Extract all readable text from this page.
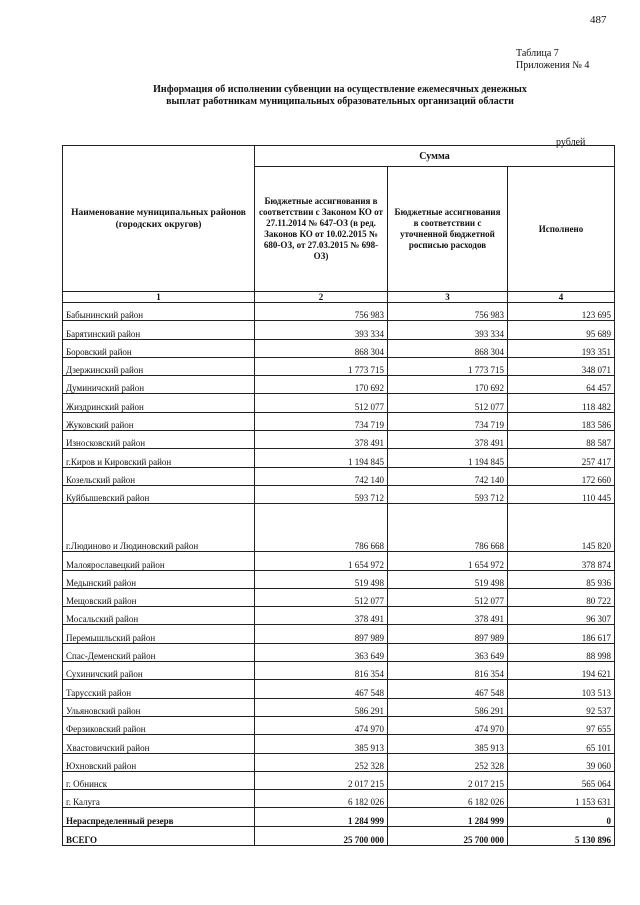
487
Таблица 7
Приложения № 4
Информация об исполнении субвенции на осуществление ежемесячных денежных выплат работникам муниципальных образовательных организаций области
рублей
Наименование муниципальных районов (городских округов)	Сумма		
	Бюджетные ассигнования в соответствии с Законом КО от 27.11.2014 № 647-ОЗ (в ред. Законов КО от 10.02.2015 № 680-ОЗ, от 27.03.2015 № 698-ОЗ)	Бюджетные ассигнования в соответствии с уточненной бюджетной росписью расходов	Исполнено
1	2	3	4
Бабынинский район	756 983	756 983	123 695
Барятинский район	393 334	393 334	95 689
Боровский район	868 304	868 304	193 351
Дзержинский район	1 773 715	1 773 715	348 071
Думиничский район	170 692	170 692	64 457
Жиздринский район	512 077	512 077	118 482
Жуковский район	734 719	734 719	183 586
Износковский район	378 491	378 491	88 587
г.Киров и Кировский район	1 194 845	1 194 845	257 417
Козельский район	742 140	742 140	172 660
Куйбышевский район	593 712	593 712	110 445
г.Людиново и Людиновский район	786 668	786 668	145 820
Малоярославецкий район	1 654 972	1 654 972	378 874
Медынский район	519 498	519 498	85 936
Мещовский район	512 077	512 077	80 722
Мосальский район	378 491	378 491	96 307
Перемышльский район	897 989	897 989	186 617
Спас-Деменский район	363 649	363 649	88 998
Сухиничский район	816 354	816 354	194 621
Тарусский район	467 548	467 548	103 513
Ульяновский район	586 291	586 291	92 537
Ферзиковский район	474 970	474 970	97 655
Хвастовичский район	385 913	385 913	65 101
Юхновский район	252 328	252 328	39 060
г. Обнинск	2 017 215	2 017 215	565 064
г. Калуга	6 182 026	6 182 026	1 153 631
Нераспределенный резерв	1 284 999	1 284 999	0
ВСЕГО	25 700 000	25 700 000	5 130 896
